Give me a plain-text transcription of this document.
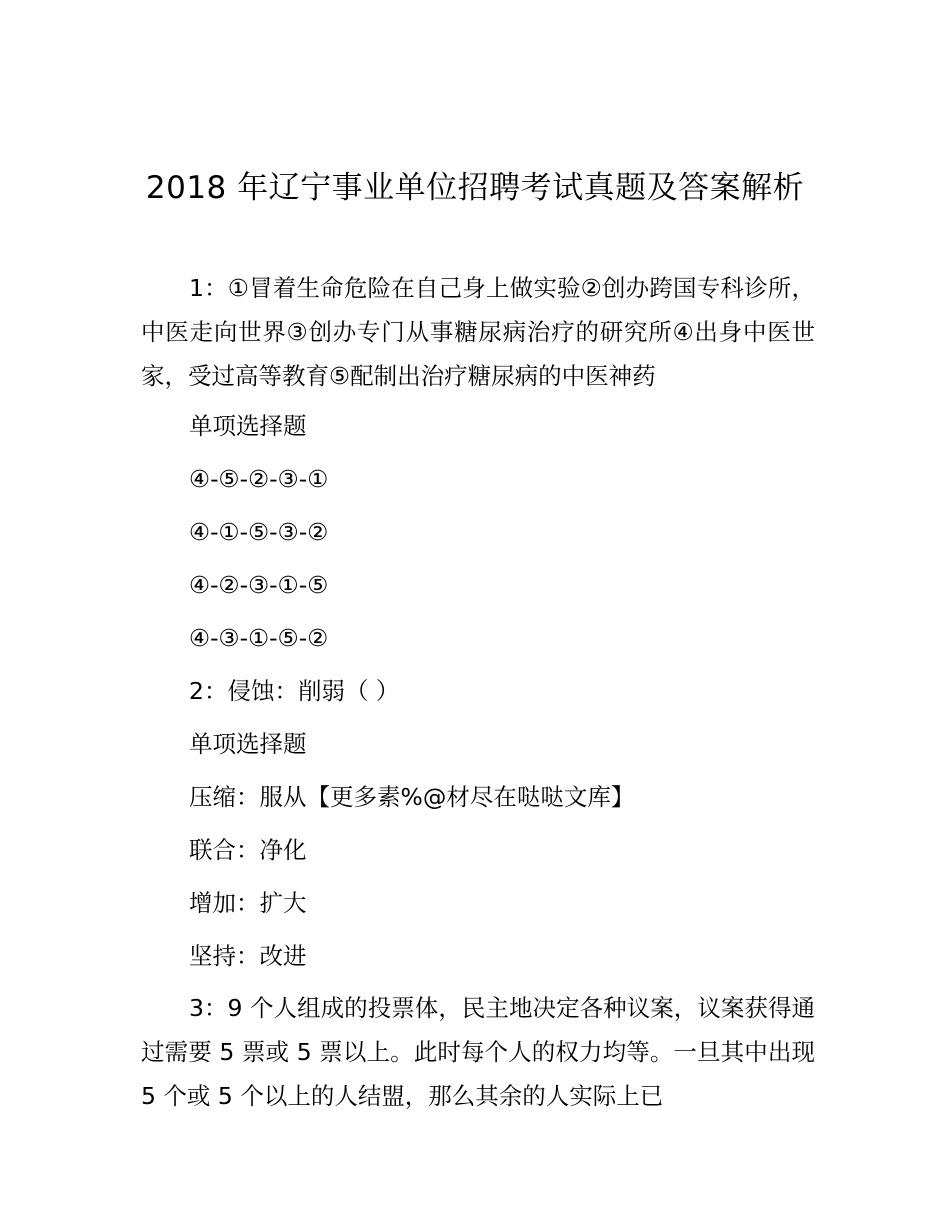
2018 年辽宁事业单位招聘考试真题及答案解析

1：①冒着生命危险在自己身上做实验②创办跨国专科诊所，中医走向世界③创办专门从事糖尿病治疗的研究所④出身中医世家，受过高等教育⑤配制出治疗糖尿病的中医神药

单项选择题

④-⑤-②-③-①

④-①-⑤-③-②

④-②-③-①-⑤

④-③-①-⑤-②

2：侵蚀：削弱（ ）

单项选择题

压缩：服从【更多素%@材尽在哒哒文库】

联合：净化

增加：扩大

坚持：改进

3：9 个人组成的投票体，民主地决定各种议案，议案获得通过需要 5 票或 5 票以上。此时每个人的权力均等。一旦其中出现 5 个或 5 个以上的人结盟，那么其余的人实际上已
